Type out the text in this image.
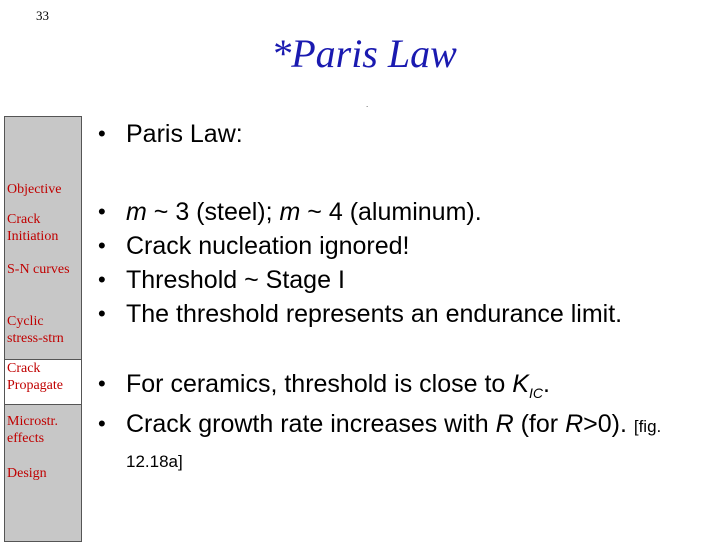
33
*Paris Law
.
Objective
Crack Initiation
S-N curves
Cyclic stress-strn
Crack Propagate
Microstr. effects
Design
• Paris Law:
• m ~ 3 (steel); m ~ 4 (aluminum).
• Crack nucleation ignored!
• Threshold ~ Stage I
• The threshold represents an endurance limit.
• For ceramics, threshold is close to $K_{IC}$.
• Crack growth rate increases with R (for R>0). [fig. 12.18a]
